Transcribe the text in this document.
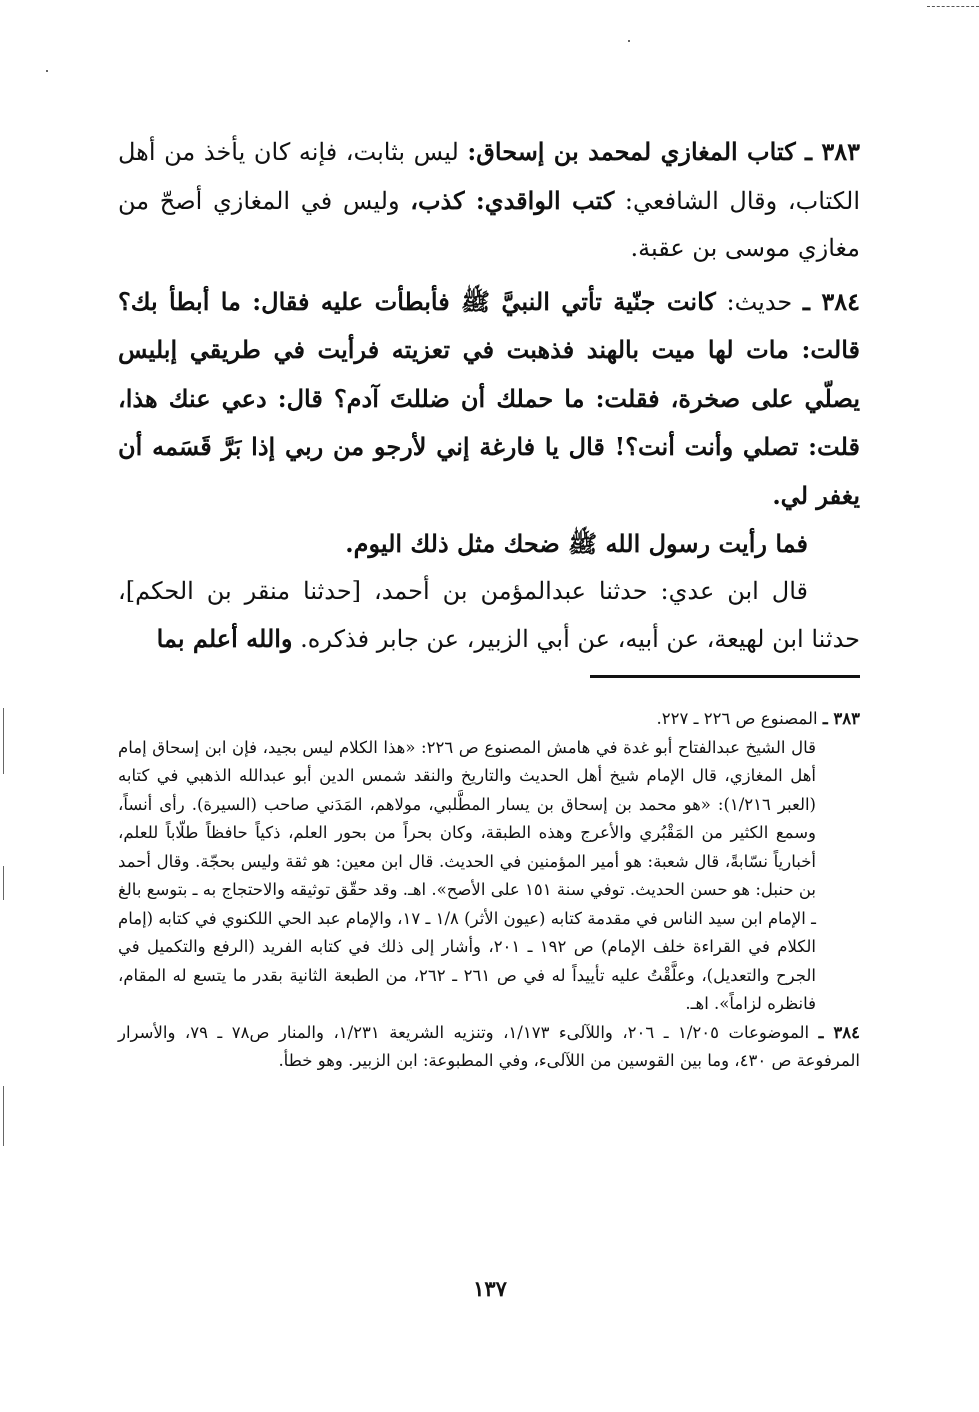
٣٨٣ ـ كتاب المغازي لمحمد بن إسحاق: ليس بثابت، فإنه كان يأخذ من أهل الكتاب، وقال الشافعي: كتب الواقدي: كذب، وليس في المغازي أصحّ من مغازي موسى بن عقبة.

٣٨٤ ـ حديث: كانت جنّية تأتي النبيَّ ﷺ فأبطأت عليه فقال: ما أبطأ بك؟ قالت: مات لها ميت بالهند فذهبت في تعزيته فرأيت في طريقي إبليس يصلّي على صخرة، فقلت: ما حملك أن ضللتَ آدم؟ قال: دعي عنك هذا، قلت: تصلي وأنت أنت؟! قال يا فارغة إني لأرجو من ربي إذا بَرَّ قَسَمه أن يغفر لي.

فما رأيت رسول الله ﷺ ضحك مثل ذلك اليوم.

قال ابن عدي: حدثنا عبدالمؤمن بن أحمد، [حدثنا منقر بن الحكم]، حدثنا ابن لهيعة، عن أبيه، عن أبي الزبير، عن جابر فذكره. والله أعلم بما

٣٨٣ ـ المصنوع ص ٢٢٦ ـ ٢٢٧.

قال الشيخ عبدالفتاح أبو غدة في هامش المصنوع ص ٢٢٦: «هذا الكلام ليس بجيد، فإن ابن إسحاق إمام أهل المغازي، قال الإمام شيخ أهل الحديث والتاريخ والنقد شمس الدين أبو عبدالله الذهبي في كتابه (العبر ١/٢١٦): «هو محمد بن إسحاق بن يسار المطَّلبي، مولاهم، المَدَني صاحب (السيرة). رأى أنساً، وسمع الكثير من المَقْبُري والأعرج وهذه الطبقة، وكان بحراً من بحور العلم، ذكياً حافظاً طلّاباً للعلم، أخبارياً نسّابةً، قال شعبة: هو أمير المؤمنين في الحديث. قال ابن معين: هو ثقة وليس بحجّة. وقال أحمد بن حنبل: هو حسن الحديث. توفي سنة ١٥١ على الأصح». اهـ. وقد حقّق توثيقه والاحتجاج به ـ بتوسع بالغ ـ الإمام ابن سيد الناس في مقدمة كتابه (عيون الأثر) ١/٨ ـ ١٧، والإمام عبد الحي اللكنوي في كتابه (إمام الكلام في القراءة خلف الإمام) ص ١٩٢ ـ ٢٠١، وأشار إلى ذلك في كتابه الفريد (الرفع والتكميل في الجرح والتعديل)، وعلَّقْتُ عليه تأييداً له في ص ٢٦١ ـ ٢٦٢، من الطبعة الثانية بقدر ما يتسع له المقام، فانظره لزاماً». اهـ.

٣٨٤ ـ الموضوعات ١/٢٠٥ ـ ٢٠٦، واللآلىء ١/١٧٣، وتنزيه الشريعة ١/٢٣١، والمنار ص٧٨ ـ ٧٩، والأسرار المرفوعة ص ٤٣٠، وما بين القوسين من اللآلىء، وفي المطبوعة: ابن الزبير. وهو خطأ.

١٣٧
